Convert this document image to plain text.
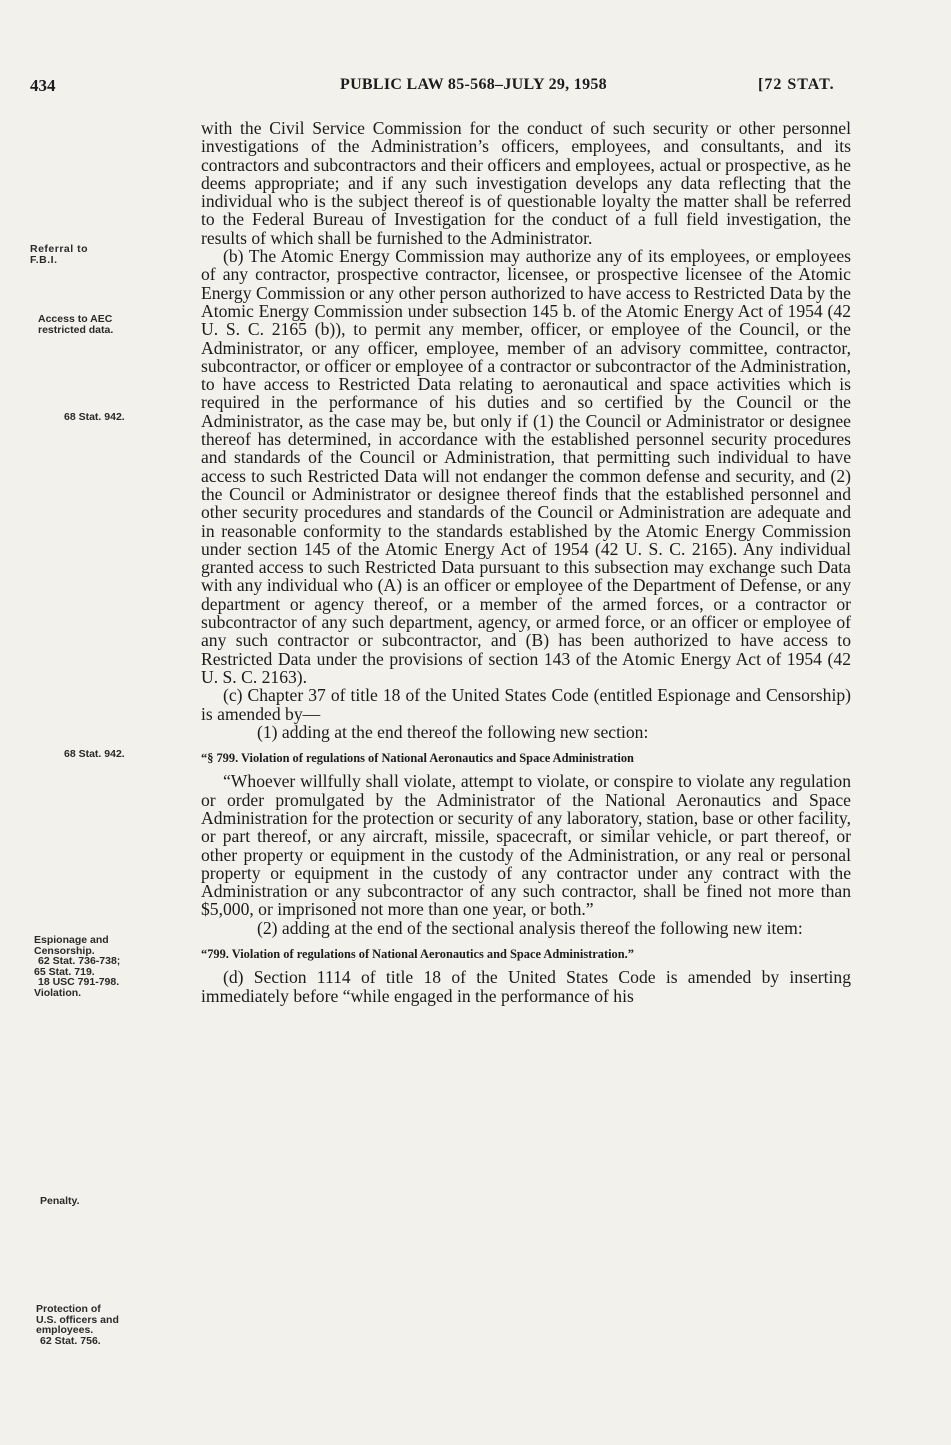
434	PUBLIC LAW 85-568–JULY 29, 1958	[72 STAT.
Referral to
F.B.I.
Access to AEC
restricted data.
68 Stat. 942.
68 Stat. 942.
Espionage and
Censorship.
62 Stat. 736-738;
65 Stat. 719.
18 USC 791-798.
Violation.
Penalty.
Protection of
U.S. officers and
employees.
62 Stat. 756.

with the Civil Service Commission for the conduct of such security or other personnel investigations of the Administration’s officers, employees, and consultants, and its contractors and subcontractors and their officers and employees, actual or prospective, as he deems appropriate; and if any such investigation develops any data reflecting that the individual who is the subject thereof is of questionable loyalty the matter shall be referred to the Federal Bureau of Investigation for the conduct of a full field investigation, the results of which shall be furnished to the Administrator.

(b) The Atomic Energy Commission may authorize any of its employees, or employees of any contractor, prospective contractor, licensee, or prospective licensee of the Atomic Energy Commission or any other person authorized to have access to Restricted Data by the Atomic Energy Commission under subsection 145 b. of the Atomic Energy Act of 1954 (42 U. S. C. 2165 (b)), to permit any member, officer, or employee of the Council, or the Administrator, or any officer, employee, member of an advisory committee, contractor, subcontractor, or officer or employee of a contractor or subcontractor of the Administration, to have access to Restricted Data relating to aeronautical and space activities which is required in the performance of his duties and so certified by the Council or the Administrator, as the case may be, but only if (1) the Council or Administrator or designee thereof has determined, in accordance with the established personnel security procedures and standards of the Council or Administration, that permitting such individual to have access to such Restricted Data will not endanger the common defense and security, and (2) the Council or Administrator or designee thereof finds that the established personnel and other security procedures and standards of the Council or Administration are adequate and in reasonable conformity to the standards established by the Atomic Energy Commission under section 145 of the Atomic Energy Act of 1954 (42 U. S. C. 2165). Any individual granted access to such Restricted Data pursuant to this subsection may exchange such Data with any individual who (A) is an officer or employee of the Department of Defense, or any department or agency thereof, or a member of the armed forces, or a contractor or subcontractor of any such department, agency, or armed force, or an officer or employee of any such contractor or subcontractor, and (B) has been authorized to have access to Restricted Data under the provisions of section 143 of the Atomic Energy Act of 1954 (42 U. S. C. 2163).

(c) Chapter 37 of title 18 of the United States Code (entitled Espionage and Censorship) is amended by—

(1) adding at the end thereof the following new section:

“§ 799. Violation of regulations of National Aeronautics and Space Administration

“Whoever willfully shall violate, attempt to violate, or conspire to violate any regulation or order promulgated by the Administrator of the National Aeronautics and Space Administration for the protection or security of any laboratory, station, base or other facility, or part thereof, or any aircraft, missile, spacecraft, or similar vehicle, or part thereof, or other property or equipment in the custody of the Administration, or any real or personal property or equipment in the custody of any contractor under any contract with the Administration or any subcontractor of any such contractor, shall be fined not more than $5,000, or imprisoned not more than one year, or both.”

(2) adding at the end of the sectional analysis thereof the following new item:

“799. Violation of regulations of National Aeronautics and Space Administration.”

(d) Section 1114 of title 18 of the United States Code is amended by inserting immediately before “while engaged in the performance of his
